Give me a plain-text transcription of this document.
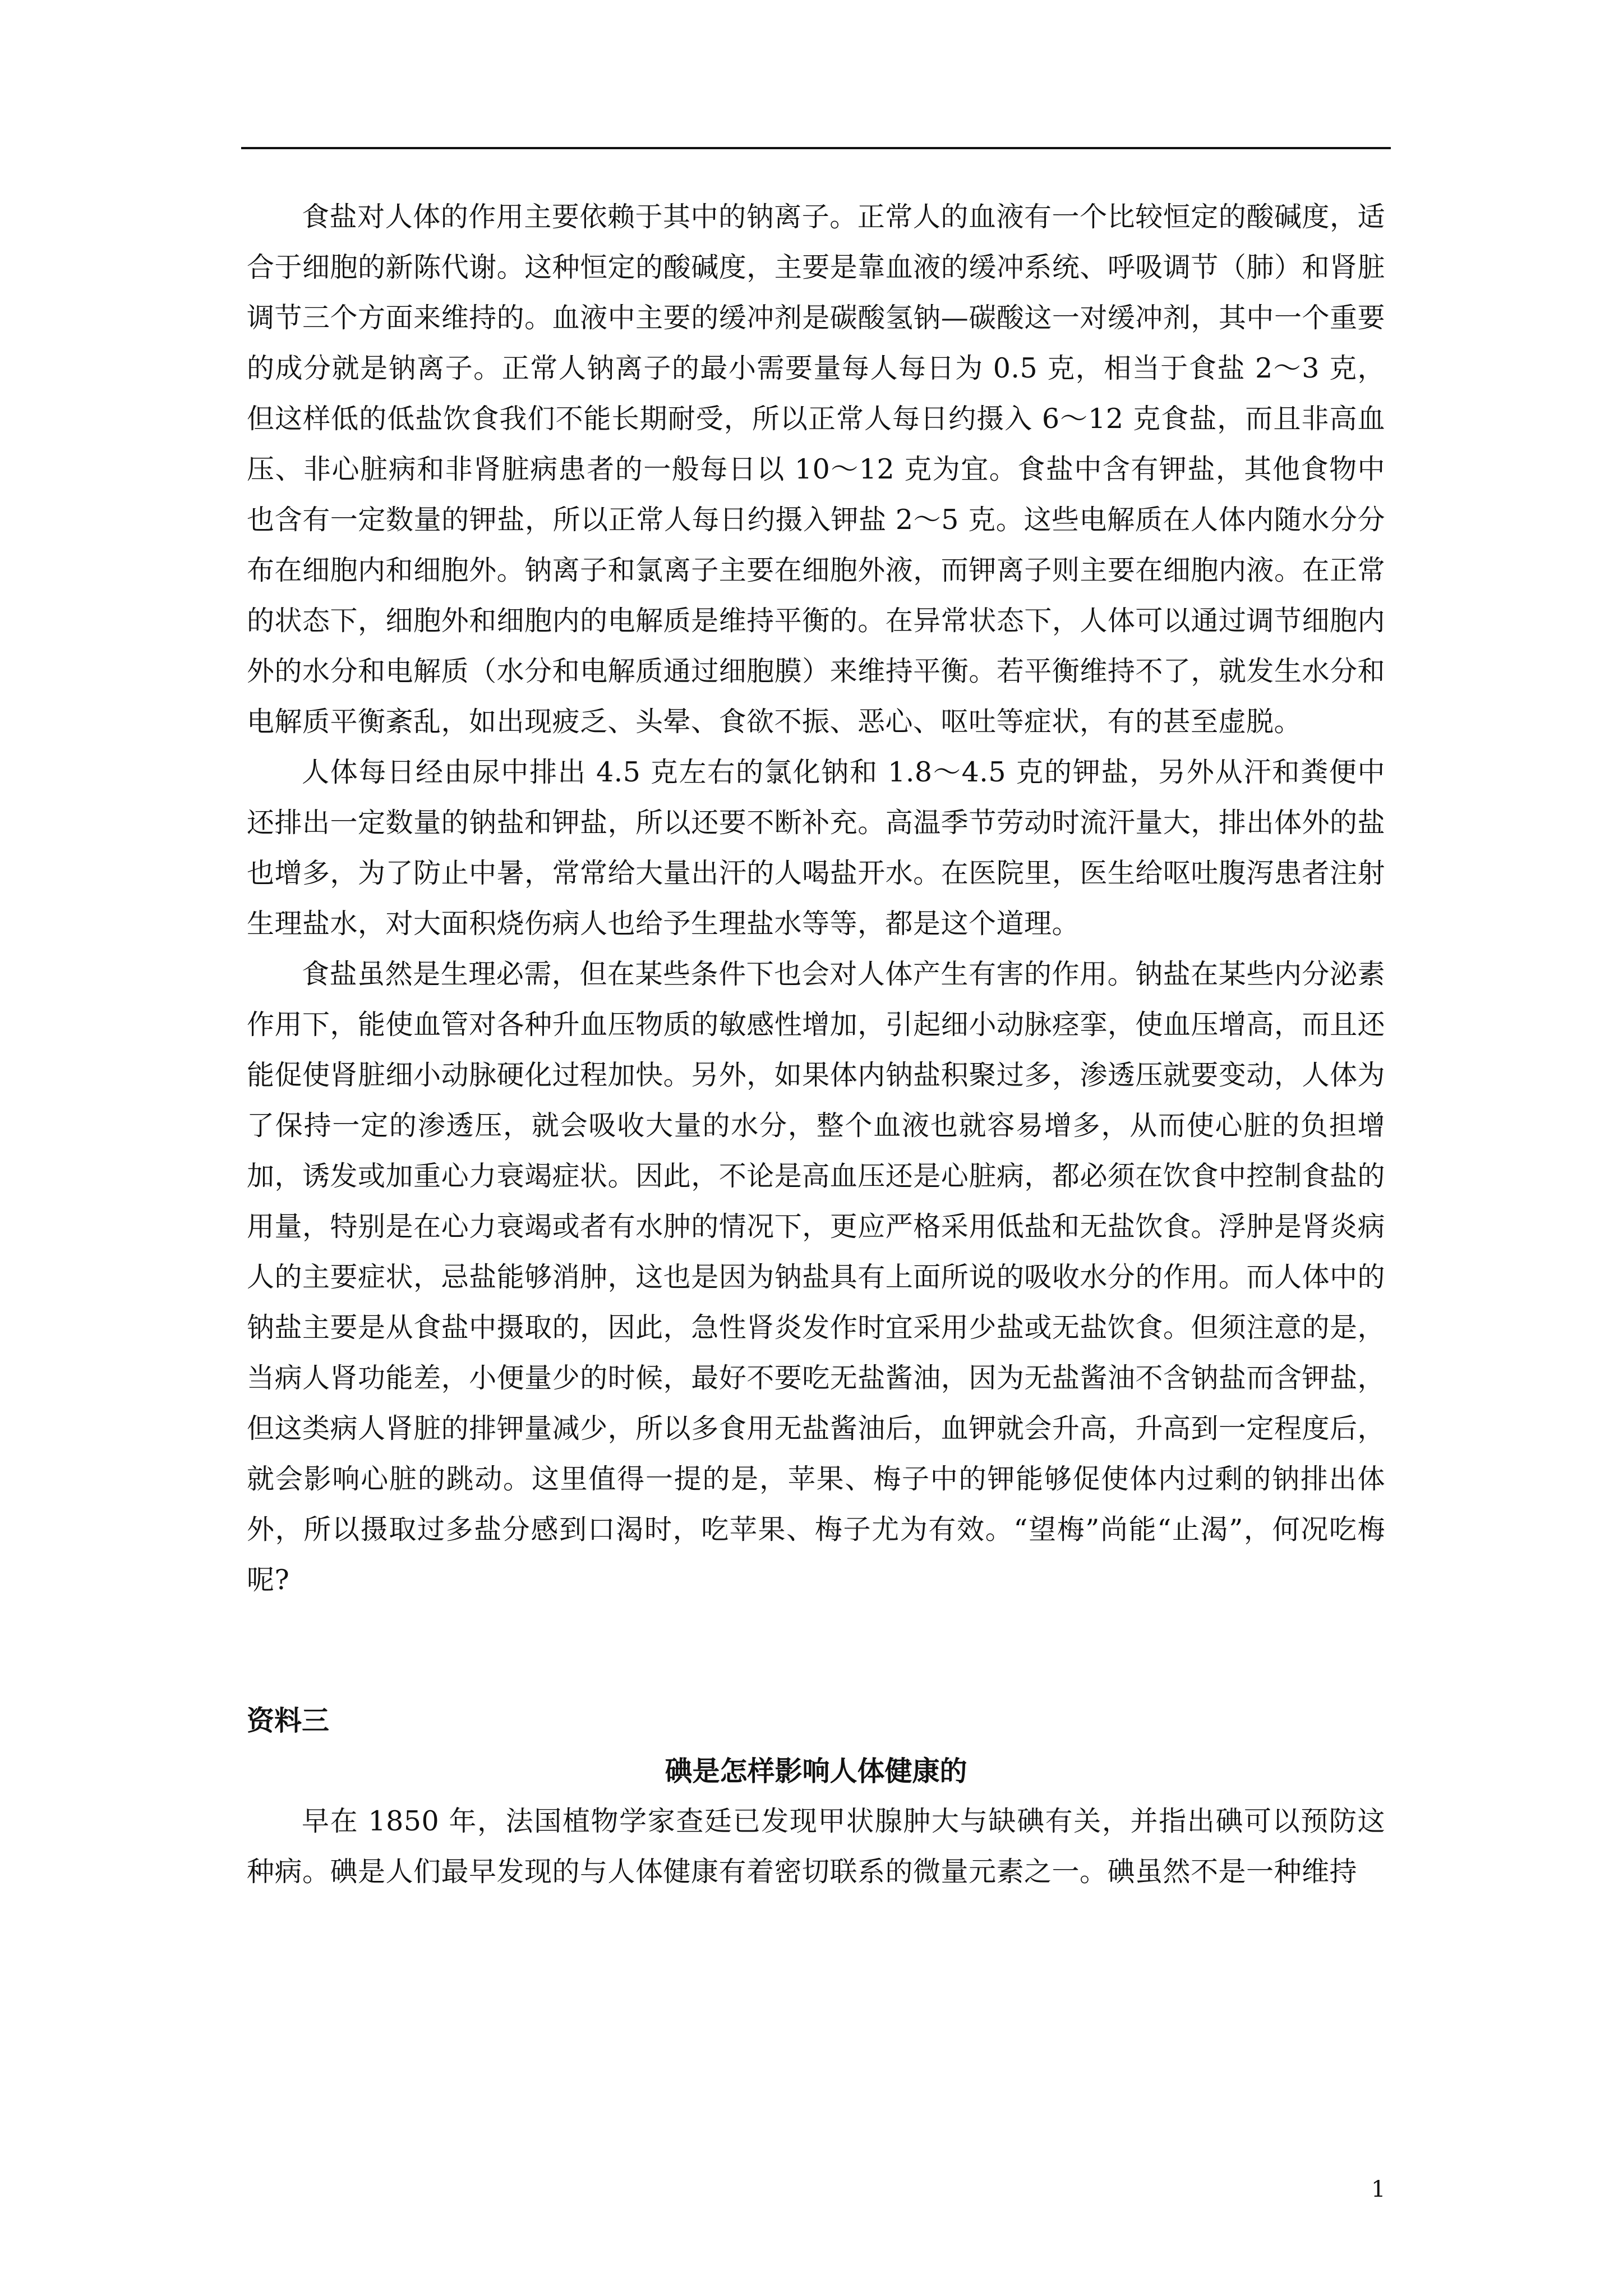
食盐对人体的作用主要依赖于其中的钠离子。正常人的血液有一个比较恒定的酸碱度，适合于细胞的新陈代谢。这种恒定的酸碱度，主要是靠血液的缓冲系统、呼吸调节（肺）和肾脏调节三个方面来维持的。血液中主要的缓冲剂是碳酸氢钠—碳酸这一对缓冲剂，其中一个重要的成分就是钠离子。正常人钠离子的最小需要量每人每日为 0.5 克，相当于食盐 2～3 克，但这样低的低盐饮食我们不能长期耐受，所以正常人每日约摄入 6～12 克食盐，而且非高血压、非心脏病和非肾脏病患者的一般每日以 10～12 克为宜。食盐中含有钾盐，其他食物中也含有一定数量的钾盐，所以正常人每日约摄入钾盐 2～5 克。这些电解质在人体内随水分分布在细胞内和细胞外。钠离子和氯离子主要在细胞外液，而钾离子则主要在细胞内液。在正常的状态下，细胞外和细胞内的电解质是维持平衡的。在异常状态下，人体可以通过调节细胞内外的水分和电解质（水分和电解质通过细胞膜）来维持平衡。若平衡维持不了，就发生水分和电解质平衡紊乱，如出现疲乏、头晕、食欲不振、恶心、呕吐等症状，有的甚至虚脱。

人体每日经由尿中排出 4.5 克左右的氯化钠和 1.8～4.5 克的钾盐，另外从汗和粪便中还排出一定数量的钠盐和钾盐，所以还要不断补充。高温季节劳动时流汗量大，排出体外的盐也增多，为了防止中暑，常常给大量出汗的人喝盐开水。在医院里，医生给呕吐腹泻患者注射生理盐水，对大面积烧伤病人也给予生理盐水等等，都是这个道理。

食盐虽然是生理必需，但在某些条件下也会对人体产生有害的作用。钠盐在某些内分泌素作用下，能使血管对各种升血压物质的敏感性增加，引起细小动脉痉挛，使血压增高，而且还能促使肾脏细小动脉硬化过程加快。另外，如果体内钠盐积聚过多，渗透压就要变动，人体为了保持一定的渗透压，就会吸收大量的水分，整个血液也就容易增多，从而使心脏的负担增加，诱发或加重心力衰竭症状。因此，不论是高血压还是心脏病，都必须在饮食中控制食盐的用量，特别是在心力衰竭或者有水肿的情况下，更应严格采用低盐和无盐饮食。浮肿是肾炎病人的主要症状，忌盐能够消肿，这也是因为钠盐具有上面所说的吸收水分的作用。而人体中的钠盐主要是从食盐中摄取的，因此，急性肾炎发作时宜采用少盐或无盐饮食。但须注意的是，当病人肾功能差，小便量少的时候，最好不要吃无盐酱油，因为无盐酱油不含钠盐而含钾盐，但这类病人肾脏的排钾量减少，所以多食用无盐酱油后，血钾就会升高，升高到一定程度后，就会影响心脏的跳动。这里值得一提的是，苹果、梅子中的钾能够促使体内过剩的钠排出体外，所以摄取过多盐分感到口渴时，吃苹果、梅子尤为有效。“望梅”尚能“止渴”，何况吃梅呢?

资料三

碘是怎样影响人体健康的

早在 1850 年，法国植物学家查廷已发现甲状腺肿大与缺碘有关，并指出碘可以预防这种病。碘是人们最早发现的与人体健康有着密切联系的微量元素之一。碘虽然不是一种维持

1
